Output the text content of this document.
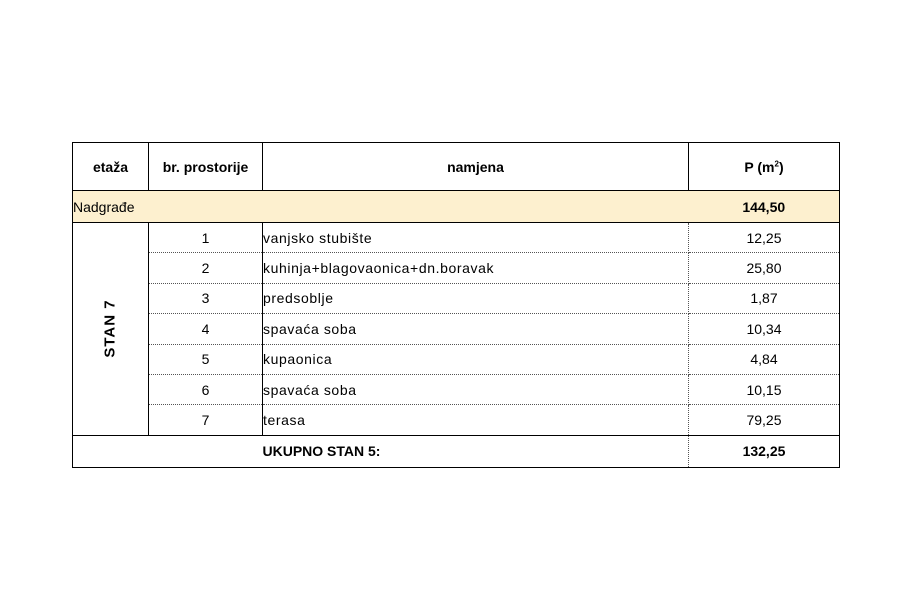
etaža	br. prostorije	namjena	P $(m^2)$
Nadgrađe			144,50
STAN 7	1	vanjsko stubište	12,25
	2	kuhinja+blagovaonica+dn.boravak	25,80
	3	predsoblje	1,87
	4	spavaća soba	10,34
	5	kupaonica	4,84
	6	spavaća soba	10,15
	7	terasa	79,25
		UKUPNO STAN 5:	132,25
